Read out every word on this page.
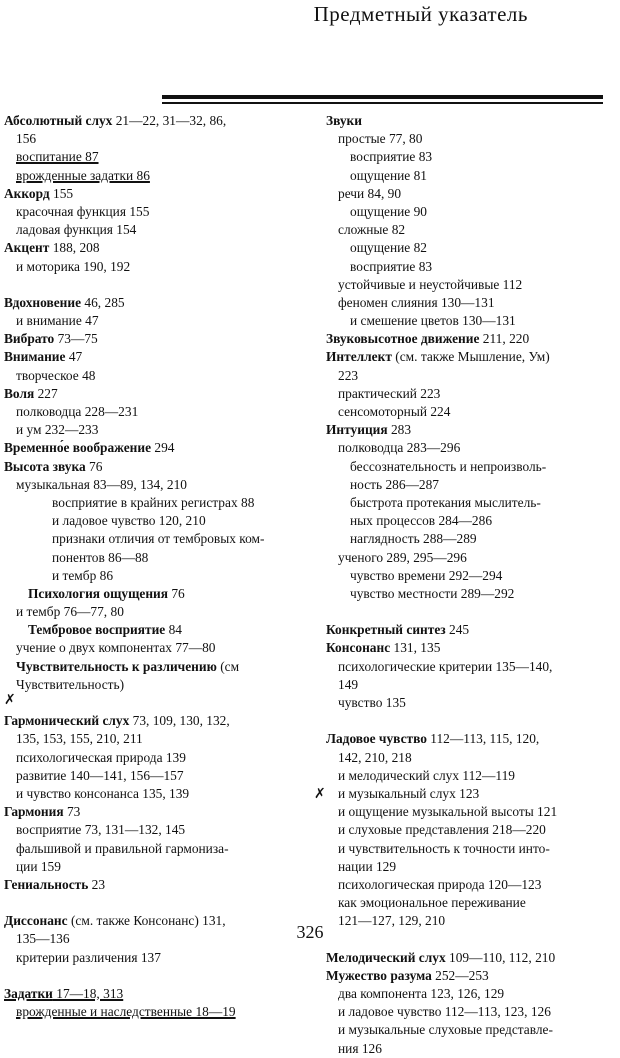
Предметный указатель
Абсолютный слух 21—22, 31—32, 86,
156
воспитание 87
врожденные задатки 86
Аккорд 155
красочная функция 155
ладовая функция 154
Акцент 188, 208
и моторика 190, 192
Вдохновение 46, 285
и внимание 47
Вибрато 73—75
Внимание 47
творческое 48
Воля 227
полководца 228—231
и ум 232—233
Временно́е воображение 294
Высота звука 76
музыкальная 83—89, 134, 210
восприятие в крайних регистрах 88
и ладовое чувство 120, 210
признаки отличия от тембровых ком-
понентов 86—88
и тембр 86
Психология ощущения 76
и тембр 76—77, 80
Тембровое восприятие 84
учение о двух компонентах 77—80
Чувствительность к различению (см
Чувствительность)
Гармонический слух 73, 109, 130, 132,
135, 153, 155, 210, 211
психологическая природа 139
развитие 140—141, 156—157
и чувство консонанса 135, 139
Гармония 73
восприятие 73, 131—132, 145
фальшивой и правильной гармониза-
ции 159
Гениальность 23
Диссонанс (см. также Консонанс) 131,
135—136
критерии различения 137
Задатки 17—18, 313
врожденные и наследственные 18—19
Звуки
простые 77, 80
восприятие 83
ощущение 81
речи 84, 90
ощущение 90
сложные 82
ощущение 82
восприятие 83
устойчивые и неустойчивые 112
феномен слияния 130—131
и смешение цветов 130—131
Звуковысотное движение 211, 220
Интеллект (см. также Мышление, Ум)
223
практический 223
сенсомоторный 224
Интуиция 283
полководца 283—296
бессознательность и непроизволь-
ность 286—287
быстрота протекания мыслитель-
ных процессов 284—286
наглядность 288—289
ученого 289, 295—296
чувство времени 292—294
чувство местности 289—292
Конкретный синтез 245
Консонанс 131, 135
психологические критерии 135—140,
149
чувство 135
Ладовое чувство 112—113, 115, 120,
142, 210, 218
и мелодический слух 112—119
и музыкальный слух 123
и ощущение музыкальной высоты 121
и слуховые представления 218—220
и чувствительность к точности инто-
нации 129
психологическая природа 120—123
как эмоциональное переживание
121—127, 129, 210
Мелодический слух 109—110, 112, 210
Мужество разума 252—253
два компонента 123, 126, 129
и ладовое чувство 112—113, 123, 126
и музыкальные слуховые представле-
ния 126
✗
✗
326
